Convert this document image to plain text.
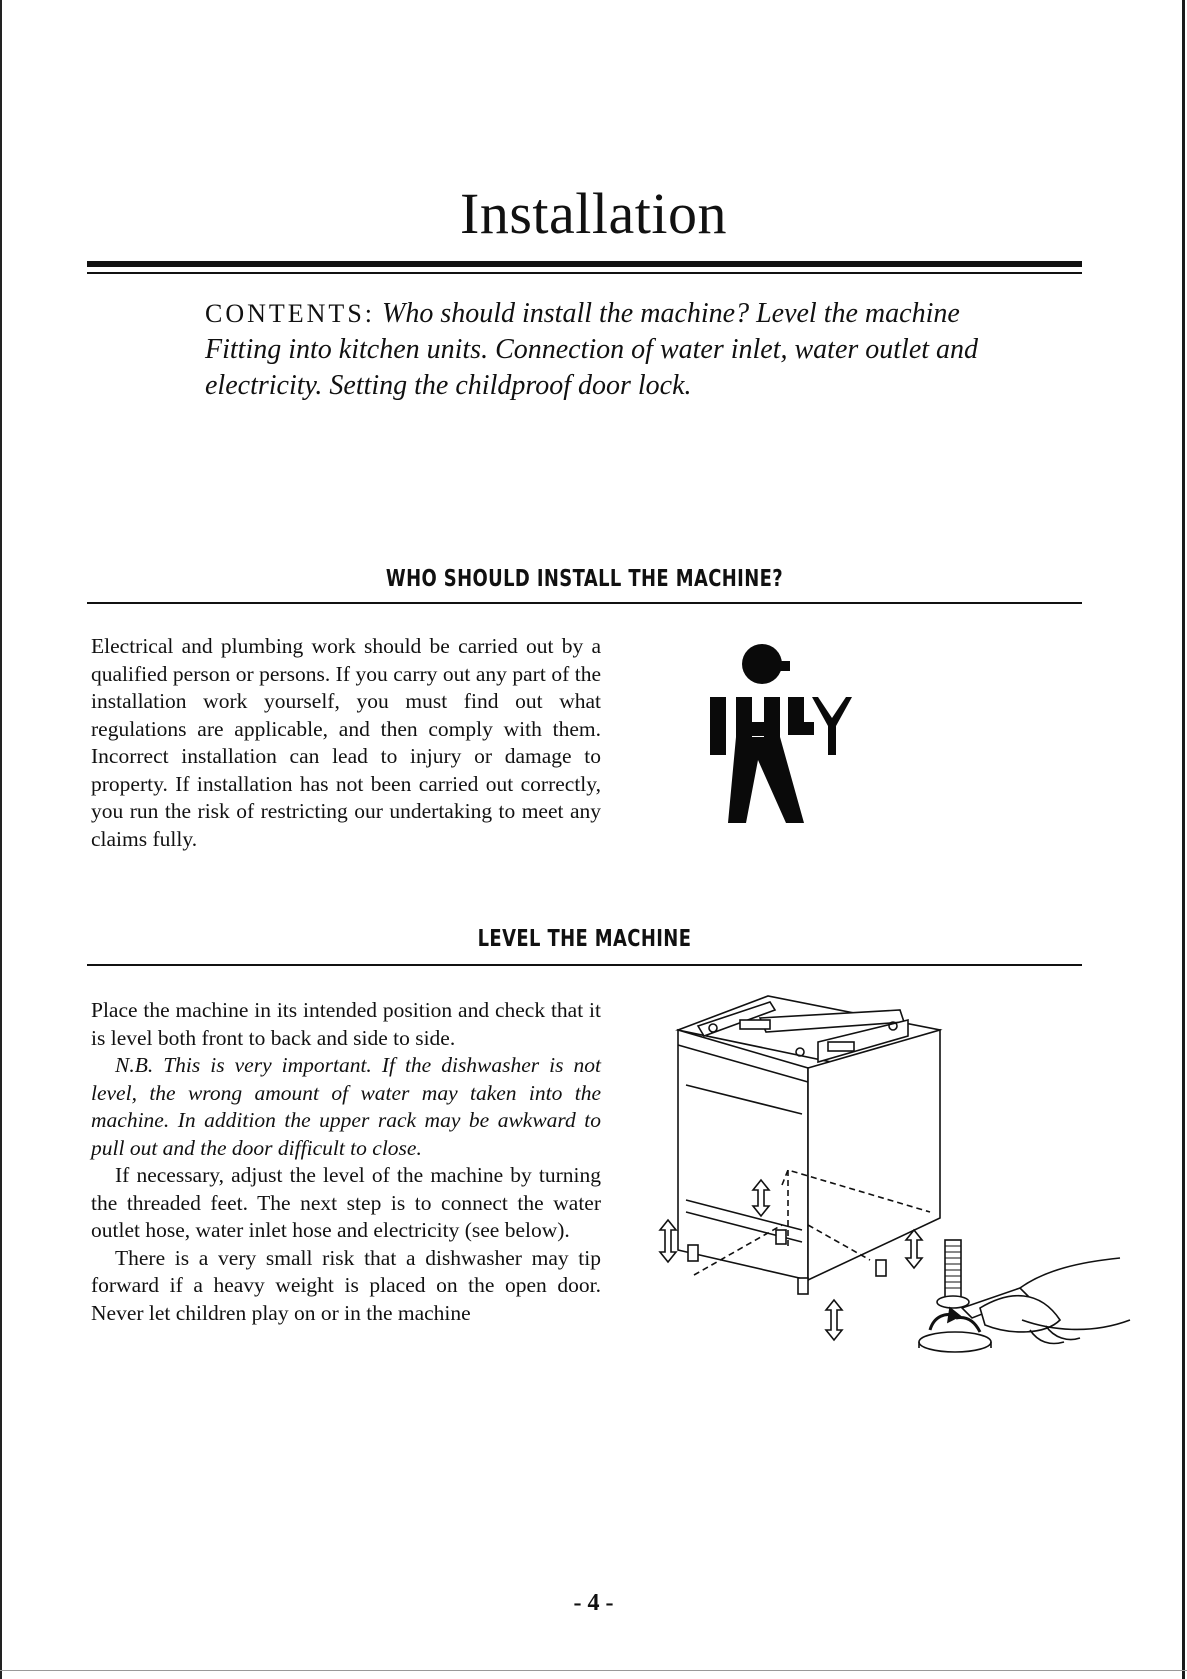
Installation
CONTENTS: Who should install the machine? Level the machine Fitting into kitchen units. Connection of water inlet, water outlet and electricity. Setting the childproof door lock.
WHO SHOULD INSTALL THE MACHINE?

Electrical and plumbing work should be carried out by a qualified person or persons. If you carry out any part of the installation work yourself, you must find out what regulations are applicable, and then comply with them. Incorrect installation can lead to injury or damage to property. If installation has not been carried out correctly, you run the risk of restricting our undertaking to meet any claims fully.

LEVEL THE MACHINE

Place the machine in its intended position and check that it is level both front to back and side to side.

N.B. This is very important. If the dishwasher is not level, the wrong amount of water may taken into the machine. In addition the upper rack may be awkward to pull out and the door difficult to close.

If necessary, adjust the level of the machine by turning the threaded feet. The next step is to connect the water outlet hose, water inlet hose and electricity (see below).

There is a very small risk that a dishwasher may tip forward if a heavy weight is placed on the open door. Never let children play on or in the machine

- 4 -
